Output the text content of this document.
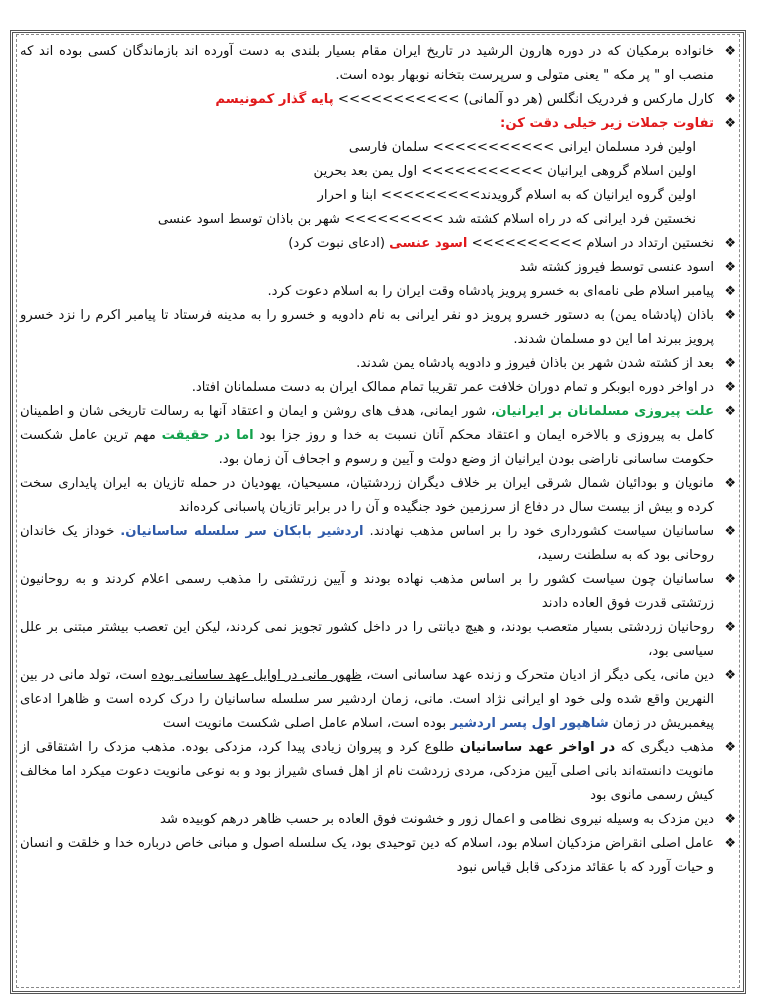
❖
خانواده برمکیان که در دوره هارون الرشید در تاریخ ایران مقام بسیار بلندی به دست آورده اند بازماندگان کسی بوده اند که منصب او " پر مکه " یعنی متولی و سرپرست بتخانه نوبهار بوده است.
❖
کارل مارکس و فردریک انگلس (هر دو آلمانی) >>>>>>>>>>> پایه گذار کمونیسم
❖
تفاوت جملات زیر خیلی دقت کن:
اولین فرد مسلمان ایرانی >>>>>>>>>>> سلمان فارسی
اولین اسلام گروهی ایرانیان >>>>>>>>>>> اول یمن بعد بحرین
اولین گروه ایرانیان که به اسلام گرویدند>>>>>>>>> ابنا و احرار
نخستین فرد ایرانی که در راه اسلام کشته شد >>>>>>>>> شهر بن باذان توسط اسود عنسی
❖
نخستین ارتداد در اسلام >>>>>>>>>> اسود عنسی (ادعای نبوت کرد)
❖
اسود عنسی توسط فیروز کشته شد
❖
پیامبر اسلام طی نامه‌ای به خسرو پرویز پادشاه وقت ایران را به اسلام دعوت کرد.
❖
باذان (پادشاه یمن) به دستور خسرو پرویز دو نفر ایرانی به نام دادویه و خسرو را به مدینه فرستاد تا پیامبر اکرم را نزد خسرو پرویز ببرند اما این دو مسلمان شدند.
❖
بعد از کشته شدن شهر بن باذان فیروز و دادویه پادشاه یمن شدند.
❖
در اواخر دوره ابوبکر و تمام دوران خلافت عمر تقریبا تمام ممالک ایران به دست مسلمانان افتاد.
❖
علت پیروزی مسلمانان بر ایرانیان، شور ایمانی، هدف های روشن و ایمان و اعتقاد آنها به رسالت تاریخی شان و اطمینان کامل به پیروزی و بالاخره ایمان و اعتقاد محکم آنان نسبت به خدا و روز جزا بود اما در حقیقت مهم ترین عامل شکست حکومت ساسانی ناراضی بودن ایرانیان از وضع دولت و آیین و رسوم و اجحاف آن زمان بود.
❖
مانویان و بودائیان شمال شرقی ایران بر خلاف دیگران زردشتیان، مسیحیان، یهودیان در حمله تازیان به ایران پایداری سخت کرده و بیش از بیست سال در دفاع از سرزمین خود جنگیده و آن را در برابر تازیان پاسبانی کرده‌اند
❖
ساسانیان سیاست کشورداری خود را بر اساس مذهب نهادند. اردشیر بابکان سر سلسله ساسانیان. خوداز یک خاندان روحانی بود که به سلطنت رسید،
❖
ساسانیان چون سیاست کشور را بر اساس مذهب نهاده بودند و آیین زرتشتی را مذهب رسمی اعلام کردند و به روحانیون زرتشتی قدرت فوق العاده دادند
❖
روحانیان زردشتی بسیار متعصب بودند، و هیچ دیانتی را در داخل کشور تجویز نمی کردند، لیکن این تعصب بیشتر مبتنی بر علل سیاسی بود،
❖
دین مانی، یکی دیگر از ادیان متحرک و زنده عهد ساسانی است، ظهور مانی در اوایل عهد ساسانی بوده است، تولد مانی در بین النهرین واقع شده ولی خود او ایرانی نژاد است. مانی، زمان اردشیر سر سلسله ساسانیان را درک کرده است و ظاهرا ادعای پیغمبریش در زمان شاهپور اول پسر اردشیر بوده است، اسلام عامل اصلی شکست مانویت است
❖
مذهب دیگری که در اواخر عهد ساسانیان طلوع کرد و پیروان زیادی پیدا کرد، مزدکی بوده. مذهب مزدک را اشتقاقی از مانویت دانسته‌اند بانی اصلی آیین مزدکی، مردی زردشت نام از اهل فسای شیراز بود و به نوعی مانویت دعوت میکرد اما مخالف کیش رسمی مانوی بود
❖
دین مزدک به وسیله نیروی نظامی و اعمال زور و خشونت فوق العاده بر حسب ظاهر درهم کوبیده شد
❖
عامل اصلی انقراض مزدکیان اسلام بود، اسلام که دین توحیدی بود، یک سلسله اصول و مبانی خاص درباره خدا و خلقت و انسان و حیات آورد که با عقائد مزدکی قابل قیاس نبود
